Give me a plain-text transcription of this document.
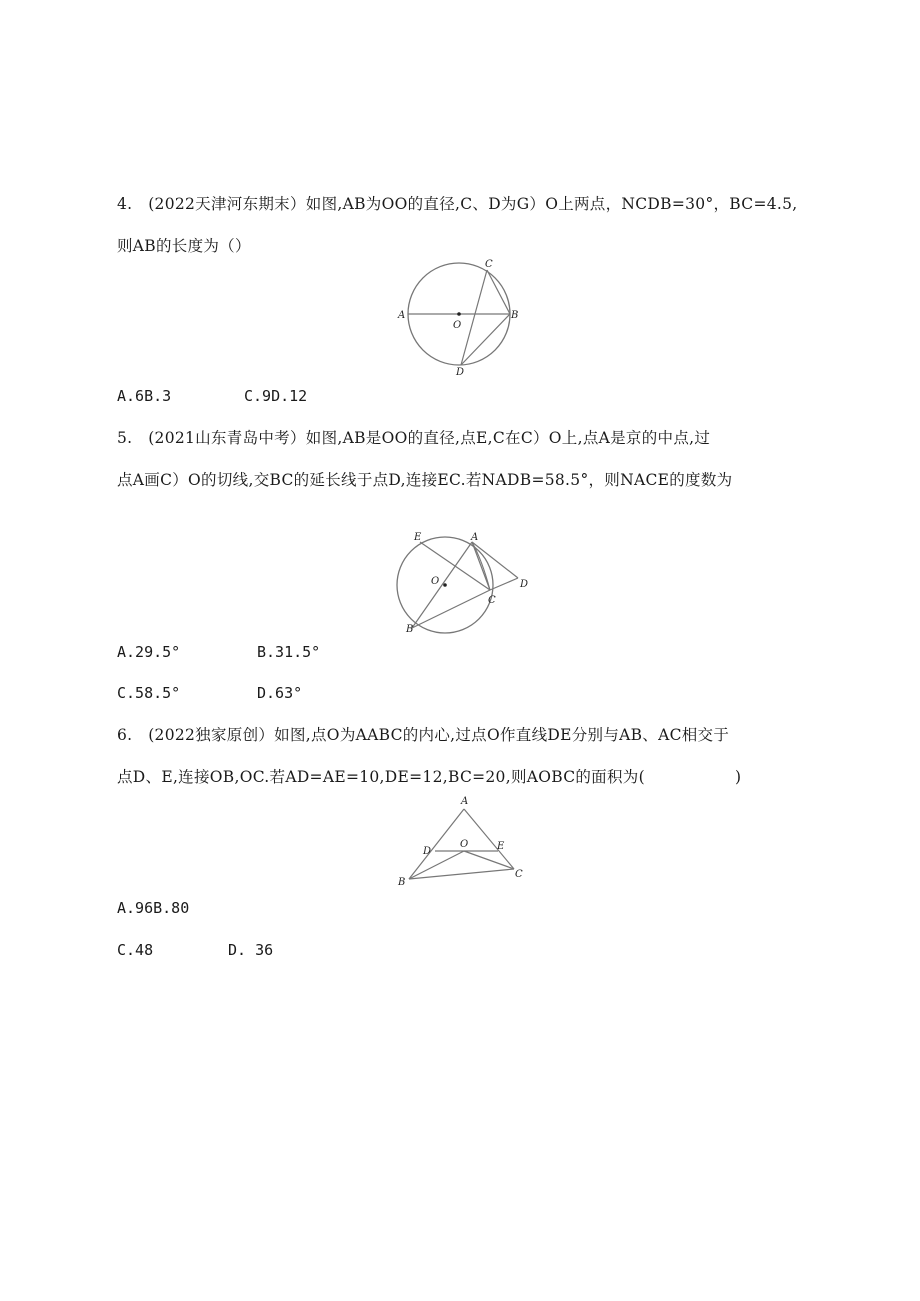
4.　(2022天津河东期末）如图,AB为OO的直径,C、D为G）O上两点，NCDB=30°，BC=4.5,
则AB的长度为（）
A	B
C
D
O
A.6B.3	C.9D.12
5.　(2021山东青岛中考）如图,AB是OO的直径,点E,C在C）O上,点A是京的中点,过
点A画C）O的切线,交BC的延长线于点D,连接EC.若NADB=58.5°，则NACE的度数为
E	A
O	D
C
B
A.29.5°	B.31.5°
C.58.5°	D.63°
6.　(2022独家原创）如图,点O为AABC的内心,过点O作直线DE分别与AB、AC相交于
点D、E,连接OB,OC.若AD=AE=10,DE=12,BC=20,则AOBC的面积为(	)
A
D
O	E
B
C
A.96B.80
C.48	D. 36
